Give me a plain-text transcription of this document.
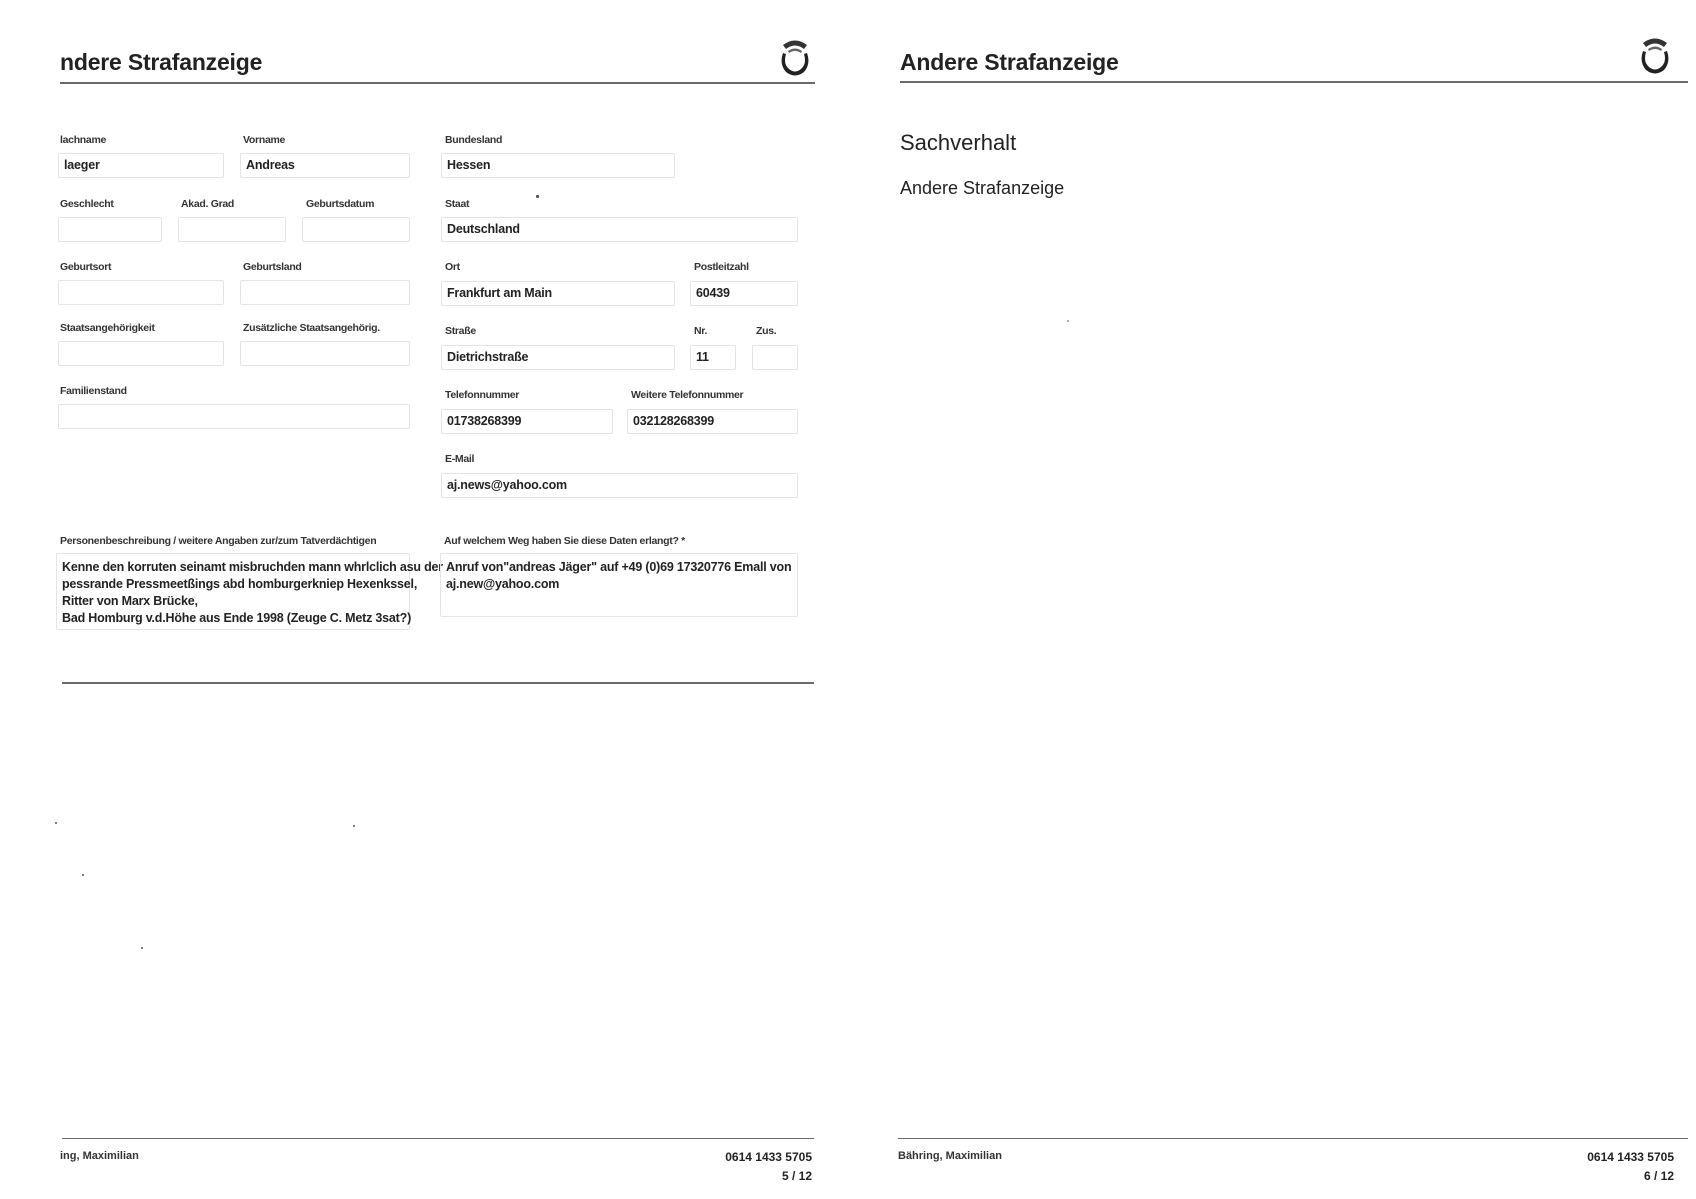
ndere Strafanzeige
lachname
laeger
Vorname
Andreas
Geschlecht	Akad. Grad	Geburtsdatum
Geburtsort	Geburtsland
Staatsangehörigkeit	Zusätzliche Staatsangehörig.
Familienstand
Bundesland
Hessen
Staat
Deutschland
Ort
Frankfurt am Main
Postleitzahl
60439
Straße
Dietrichstraße
Nr.
11
Zus.
Telefonnummer
01738268399
Weitere Telefonnummer
032128268399
E-Mail
aj.news@yahoo.com
Personenbeschreibung / weitere Angaben zur/zum Tatverdächtigen
Kenne den korruten seinamt misbruchden mann whrlclich asu der
pessrande Pressmeetßings abd homburgerkniep Hexenkssel,
Ritter von Marx Brücke,
Bad Homburg v.d.Höhe aus Ende 1998 (Zeuge C. Metz 3sat?)
Auf welchem Weg haben Sie diese Daten erlangt? *
Anruf von"andreas Jäger" auf +49 (0)69 17320776 Emall von
aj.new@yahoo.com
ing, Maximilian	0614 1433 5705
5 / 12
Andere Strafanzeige
Sachverhalt
Andere Strafanzeige
Bähring, Maximilian	0614 1433 5705
6 / 12
